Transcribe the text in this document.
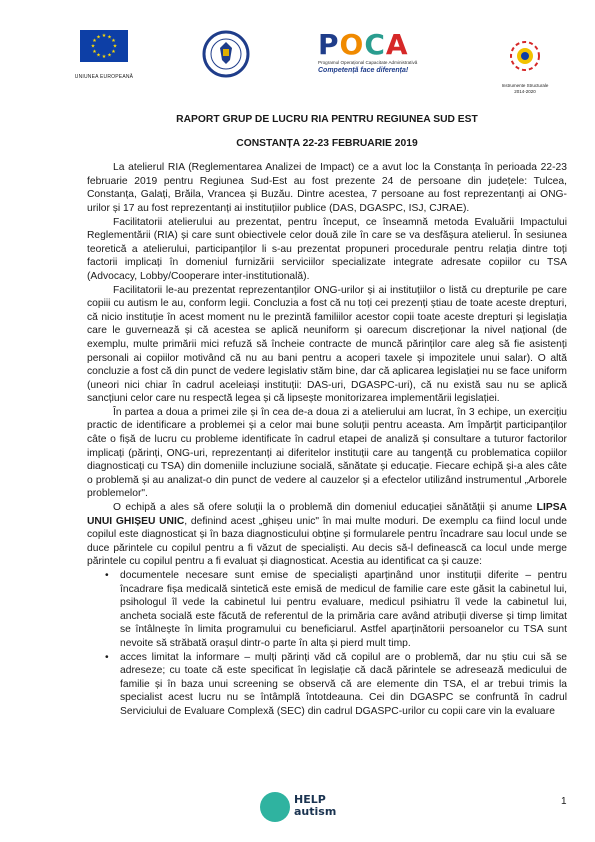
★ ★
★
★
★
★
★
★
★
★
★
★
UNIUNEA EUROPEANĂ
POCA
Programul Operațional Capacitate Administrativă
Competență face diferența!
Instrumente Structurale
2014-2020
RAPORT GRUP DE LUCRU RIA PENTRU REGIUNEA SUD EST
CONSTANȚA 22-23 FEBRUARIE 2019

La atelierul RIA (Reglementarea Analizei de Impact) ce a avut loc la Constanța în perioada 22-23 februarie 2019 pentru Regiunea Sud-Est au fost prezente 24 de persoane din județele: Tulcea, Constanța, Galați, Brăila, Vrancea și Buzău. Dintre acestea, 7 persoane au fost reprezentanți ai ONG-urilor și 17 au fost reprezentanți ai instituțiilor publice (DAS, DGASPC, ISJ, CJRAE).

Facilitatorii atelierului au prezentat, pentru început, ce înseamnă metoda Evaluării Impactului Reglementării (RIA) și care sunt obiectivele celor două zile în care se va desfășura atelierul. În sesiunea teoretică a atelierului, participanților li s-au prezentat propuneri procedurale pentru relația dintre toți factorii implicați în domeniul furnizării serviciilor specializate integrate adresate copiilor cu TSA (Advocacy, Lobby/Cooperare inter-institutională).

Facilitatorii le-au prezentat reprezentanților ONG-urilor și ai instituțiilor o listă cu drepturile pe care copiii cu autism le au, conform legii. Concluzia a fost că nu toți cei prezenți știau de toate aceste drepturi, că nicio instituție în acest moment nu le prezintă familiilor acestor copii toate aceste drepturi și legislația care le guvernează și că acestea se aplică neuniform și oarecum discreționar la nivel național (de exemplu, multe primării mici refuză să încheie contracte de muncă părinților care aleg să fie asistenți personali ai copiilor motivând că nu au bani pentru a acoperi taxele și impozitele unui salar). O altă concluzie a fost că din punct de vedere legislativ stăm bine, dar că aplicarea legislației nu se face uniform (uneori nici chiar în cadrul aceleiași instituții: DAS-uri, DGASPC-uri), că nu există sau nu se aplică sancțiuni celor care nu respectă legea și că lipsește monitorizarea implementării legislației.

În partea a doua a primei zile și în cea de-a doua zi a atelierului am lucrat, în 3 echipe, un exercițiu practic de identificare a problemei și a celor mai bune soluții pentru aceasta. Am împărțit participanților câte o fișă de lucru cu probleme identificate în cadrul etapei de analiză și consultare a tuturor factorilor implicați (părinți, ONG-uri, reprezentanți ai diferitelor instituții care au tangență cu problematica copiilor diagnosticați cu TSA) din domeniile incluziune socială, sănătate și educație. Fiecare echipă și-a ales câte o problemă și au analizat-o din punct de vedere al cauzelor și a efectelor utilizând instrumentul „Arborele problemelor".

O echipă a ales să ofere soluții la o problemă din domeniul educației sănătății și anume LIPSA UNUI GHIȘEU UNIC, definind acest „ghișeu unic" în mai multe moduri. De exemplu ca fiind locul unde copilul este diagnosticat și în baza diagnosticului obține și formularele pentru încadrare sau locul unde se duce părintele cu copilul pentru a fi văzut de specialiști. Au decis să-l definească ca locul unde merge părintele cu copilul pentru a fi evaluat și diagnosticat. Acestia au identificat ca și cauze:

• documentele necesare sunt emise de specialiști aparținând unor instituții diferite – pentru încadrare fișa medicală sintetică este emisă de medicul de familie care este găsit la cabinetul lui, psihologul îl vede la cabinetul lui pentru evaluare, medicul psihiatru îl vede la cabinetul lui, ancheta socială este făcută de referentul de la primăria care având atribuții diverse și timp limitat se întâlnește în limita programului cu beneficiarul. Astfel aparținătorii persoanelor cu TSA sunt nevoite să străbată orașul dintr-o parte în alta și pierd mult timp.
• acces limitat la informare – mulți părinți văd că copilul are o problemă, dar nu știu cui să se adreseze; cu toate că este specificat în legislație că dacă părintele se adresează medicului de familie și în baza unui screening se observă că are elemente din TSA, el ar trebui trimis la specialist acest lucru nu se întâmplă întotdeauna. Cei din DGASPC se confruntă în cadrul Serviciului de Evaluare Complexă (SEC) din cadrul DGASPC-urilor cu copii care vin la evaluare
HELP
autism
1
